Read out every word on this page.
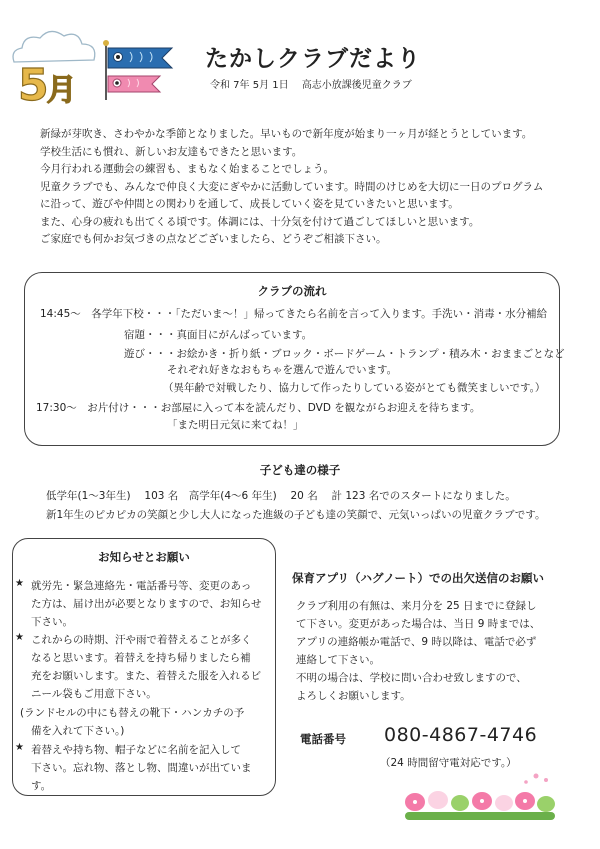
5月
たかしクラブだより
令和 7年 5月 1日　 高志小放課後児童クラブ

新緑が芽吹き、さわやかな季節となりました。早いもので新年度が始まり一ヶ月が経とうとしています。

学校生活にも慣れ、新しいお友達もできたと思います。

今月行われる運動会の練習も、まもなく始まることでしょう。

児童クラブでも、みんなで仲良く大変にぎやかに活動しています。時間のけじめを大切に一日のプログラム

に沿って、遊びや仲間との関わりを通して、成長していく姿を見ていきたいと思います。

また、心身の疲れも出てくる頃です。体調には、十分気を付けて過ごしてほしいと思います。

ご家庭でも何かお気づきの点などございましたら、どうぞご相談下さい。

クラブの流れ
14:45～　各学年下校・・・「ただいま～！」帰ってきたら名前を言って入ります。手洗い・消毒・水分補給
宿題・・・真面目にがんばっています。
遊び・・・お絵かき・折り紙・ブロック・ボードゲーム・トランプ・積み木・おままごとなど
それぞれ好きなおもちゃを選んで遊んでいます。
（異年齢で対戦したり、協力して作ったりしている姿がとても微笑ましいです。）
17:30～　お片付け・・・お部屋に入って本を読んだり、DVD を観ながらお迎えを待ちます。
「また明日元気に来てね！」
子ども達の様子
低学年(1～3年生)　 103 名　高学年(4～6 年生)　 20 名　 計 123 名でのスタートになりました。
新1年生のピカピカの笑顔と少し大人になった進級の子ども達の笑顔で、元気いっぱいの児童クラブです。
お知らせとお願い
★
★
★
就労先・緊急連絡先・電話番号等、変更のあっ
た方は、届け出が必要となりますので、お知らせ
下さい。
これからの時期、汗や雨で着替えることが多く
なると思います。着替えを持ち帰りましたら補
充をお願いします。また、着替えた服を入れるビ
ニール袋もご用意下さい。
(ランドセルの中にも替えの靴下・ハンカチの予
備を入れて下さい。)
着替えや持ち物、帽子などに名前を記入して
下さい。忘れ物、落とし物、間違いが出ていま
す。
保育アプリ（ハグノート）での出欠送信のお願い
クラブ利用の有無は、来月分を 25 日までに登録し
て下さい。変更があった場合は、当日 9 時までは、
アプリの連絡帳か電話で、9 時以降は、電話で必ず
連絡して下さい。
不明の場合は、学校に問い合わせ致しますので、
よろしくお願いします。
電話番号 080-4867-4746
（24 時間留守電対応です。）
